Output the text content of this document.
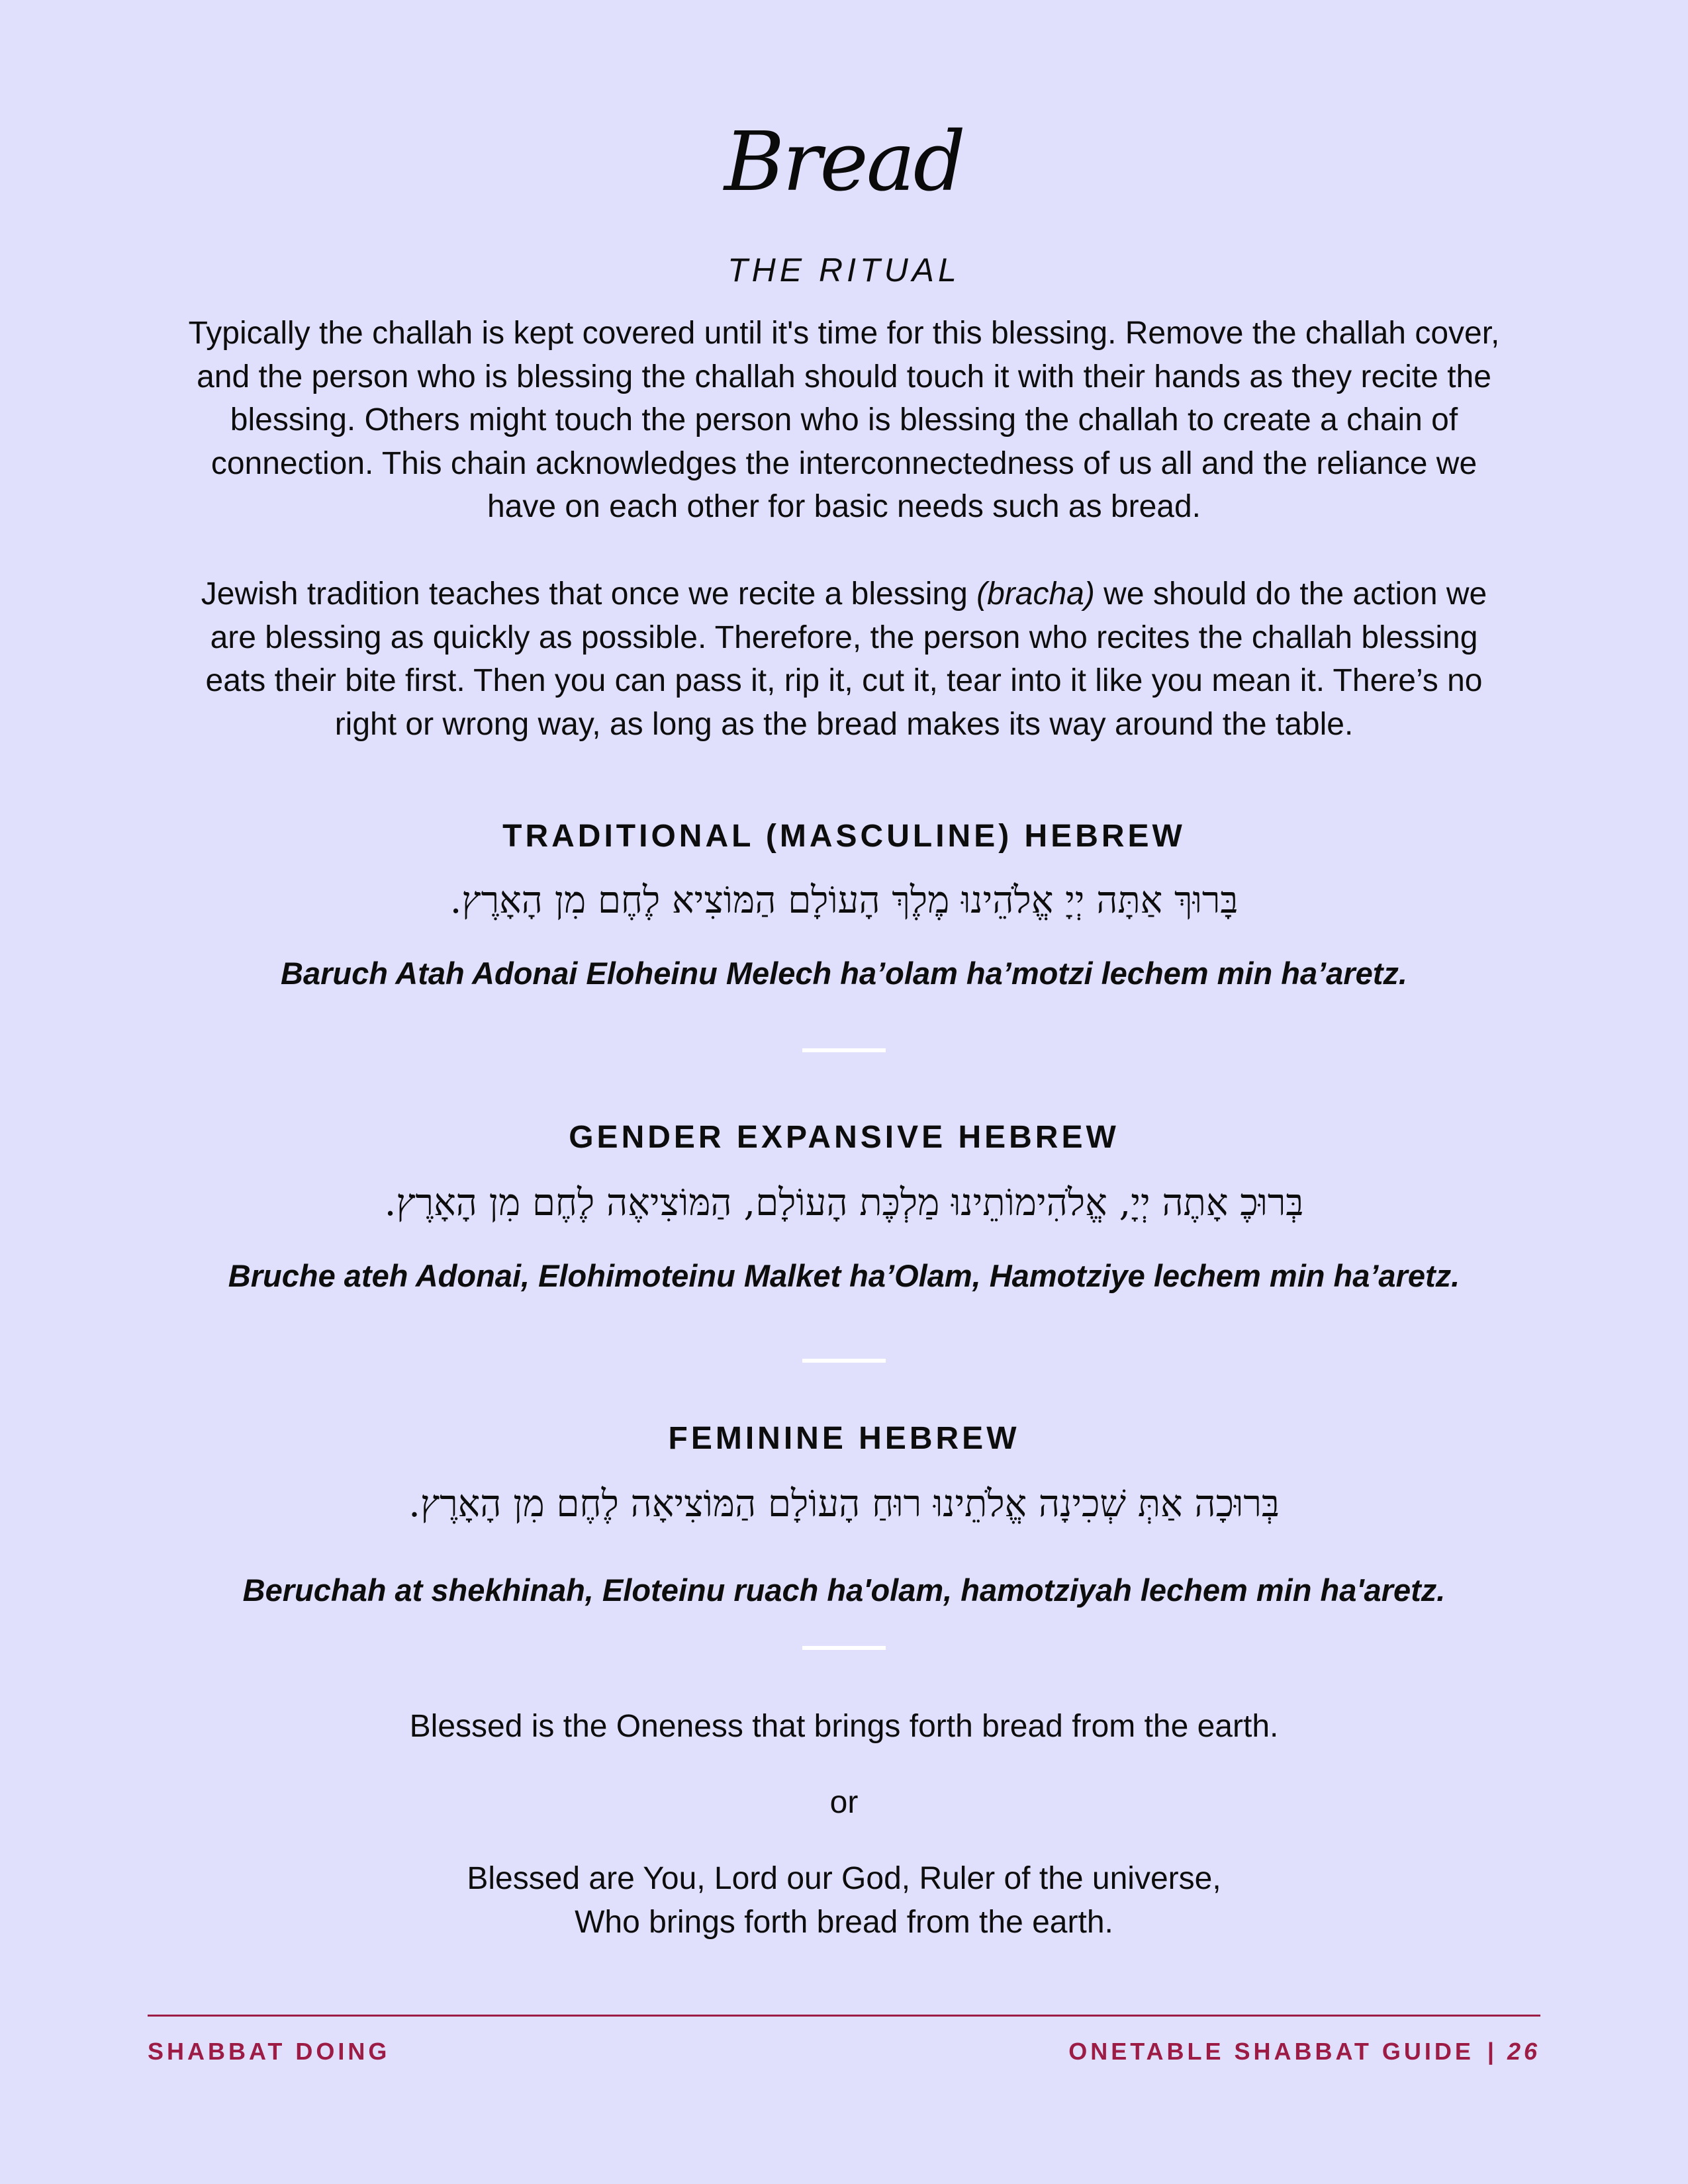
Bread
THE RITUAL
Typically the challah is kept covered until it's time for this blessing. Remove the challah cover, and the person who is blessing the challah should touch it with their hands as they recite the blessing. Others might touch the person who is blessing the challah to create a chain of connection. This chain acknowledges the interconnectedness of us all and the reliance we have on each other for basic needs such as bread.
Jewish tradition teaches that once we recite a blessing (bracha) we should do the action we are blessing as quickly as possible. Therefore, the person who recites the challah blessing eats their bite first. Then you can pass it, rip it, cut it, tear into it like you mean it. There’s no right or wrong way, as long as the bread makes its way around the table.
TRADITIONAL (MASCULINE) HEBREW
בָּרוּךְ אַתָּה יְיָ אֱלֹהֵינוּ מֶלֶךְ הָעוֹלָם הַמּוֹצִיא לֶחֶם מִן הָאָרֶץ.
Baruch Atah Adonai Eloheinu Melech ha’olam ha’motzi lechem min ha’aretz.
GENDER EXPANSIVE HEBREW
בְּרוּכֶ אָתֶה יְיָ, אֱלֹהִימוֹתֵינוּ מַלְכֶּת הָעוֹלָם, הַמּוֹצִיאֶה לֶחֶם מִן הָאָרֶץ.
Bruche ateh Adonai, Elohimoteinu Malket ha’Olam, Hamotziye lechem min ha’aretz.
FEMININE HEBREW
בְּרוּכָה אַתְּ שְׁכִינָה אֱלֹתֵינוּ רוּחַ הָעוֹלָם הַמּוֹצִיאָה לֶחֶם מִן הָאָרֶץ.
Beruchah at shekhinah, Eloteinu ruach ha'olam, hamotziyah lechem min ha'aretz.
Blessed is the Oneness that brings forth bread from the earth.
or
Blessed are You, Lord our God, Ruler of the universe,
Who brings forth bread from the earth.
SHABBAT DOING	ONETABLE SHABBAT GUIDE | 26
